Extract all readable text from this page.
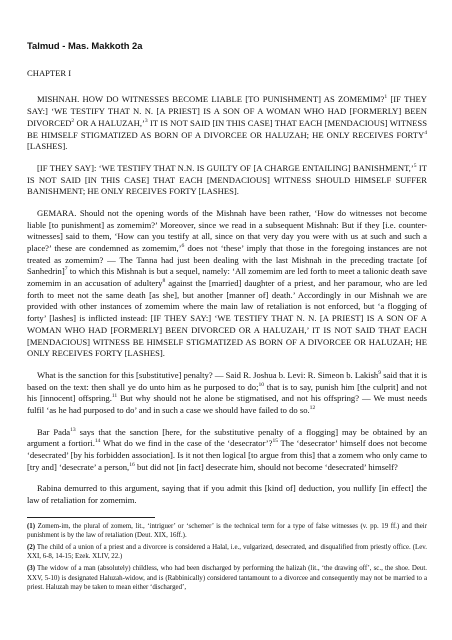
Talmud - Mas. Makkoth 2a
CHAPTER I

MISHNAH. HOW DO WITNESSES BECOME LIABLE [TO PUNISHMENT] AS ZOMEMIM?$^1$ [IF THEY SAY:] ‘WE TESTIFY THAT N. N. [A PRIEST] IS A SON OF A WOMAN WHO HAD [FORMERLY] BEEN DIVORCED$^2$ OR A HALUZAH,’$^3$ IT IS NOT SAID [IN THIS CASE] THAT EACH [MENDACIOUS] WITNESS BE HIMSELF STIGMATIZED AS BORN OF A DIVORCEE OR HALUZAH; HE ONLY RECEIVES FORTY$^4$ [LASHES].

[IF THEY SAY]: ‘WE TESTIFY THAT N.N. IS GUILTY OF [A CHARGE ENTAILING] BANISHMENT,’$^5$ IT IS NOT SAID [IN THIS CASE] THAT EACH [MENDACIOUS] WITNESS SHOULD HIMSELF SUFFER BANISHMENT; HE ONLY RECEIVES FORTY [LASHES].

GEMARA. Should not the opening words of the Mishnah have been rather, ‘How do witnesses not become liable [to punishment] as zomemim?’ Moreover, since we read in a subsequent Mishnah: But if they [i.e. counter-witnesses] said to them, ‘How can you testify at all, since on that very day you were with us at such and such a place?’ these are condemned as zomemim,’$^6$ does not ‘these’ imply that those in the foregoing instances are not treated as zomemim? — The Tanna had just been dealing with the last Mishnah in the preceding tractate [of Sanhedrin]$^7$ to which this Mishnah is but a sequel, namely: ‘All zomemim are led forth to meet a talionic death save zomemim in an accusation of adultery$^8$ against the [married] daughter of a priest, and her paramour, who are led forth to meet not the same death [as she], but another [manner of] death.’ Accordingly in our Mishnah we are provided with other instances of zomemim where the main law of retaliation is not enforced, but ‘a flogging of forty’ [lashes] is inflicted instead: [IF THEY SAY:] ‘WE TESTIFY THAT N. N. [A PRIEST] IS A SON OF A WOMAN WHO HAD [FORMERLY] BEEN DIVORCED OR A HALUZAH,’ IT IS NOT SAID THAT EACH [MENDACIOUS] WITNESS BE HIMSELF STIGMATIZED AS BORN OF A DIVORCEE OR HALUZAH; HE ONLY RECEIVES FORTY [LASHES].

What is the sanction for this [substitutive] penalty? — Said R. Joshua b. Levi: R. Simeon b. Lakish$^9$ said that it is based on the text: then shall ye do unto him as he purposed to do;$^{10}$ that is to say, punish him [the culprit] and not his [innocent] offspring.$^{11}$ But why should not he alone be stigmatised, and not his offspring? — We must needs fulfil ‘as he had purposed to do’ and in such a case we should have failed to do so.$^{12}$

Bar Pada$^{13}$ says that the sanction [here, for the substitutive penalty of a flogging] may be obtained by an argument a fortiori.$^{14}$ What do we find in the case of the ‘desecrator’?$^{15}$ The ‘desecrator’ himself does not become ‘desecrated’ [by his forbidden association]. Is it not then logical [to argue from this] that a zomem who only came to [try and] ‘desecrate’ a person,$^{16}$ but did not [in fact] desecrate him, should not become ‘desecrated’ himself?

Rabina demurred to this argument, saying that if you admit this [kind of] deduction, you nullify [in effect] the law of retaliation for zomemim.

(1) Zomem-im, the plural of zomem, lit., ‘intriguer’ or ‘schemer’ is the technical term for a type of false witnesses (v. pp. 19 ff.) and their punishment is by the law of retaliation (Deut. XIX, 16ff.).
(2) The child of a union of a priest and a divorcee is considered a Halal, i.e., vulgarized, desecrated, and disqualified from priestly office. (Lev. XXI, 6-8, 14-15; Ezek. XLIV, 22.)
(3) The widow of a man (absolutely) childless, who had been discharged by performing the halizah (lit., ‘the drawing off’, sc., the shoe. Deut. XXV, 5-10) is designated Haluzah-widow, and is (Rabbinically) considered tantamount to a divorcee and consequently may not be married to a priest. Haluzah may be taken to mean either ‘discharged’,
